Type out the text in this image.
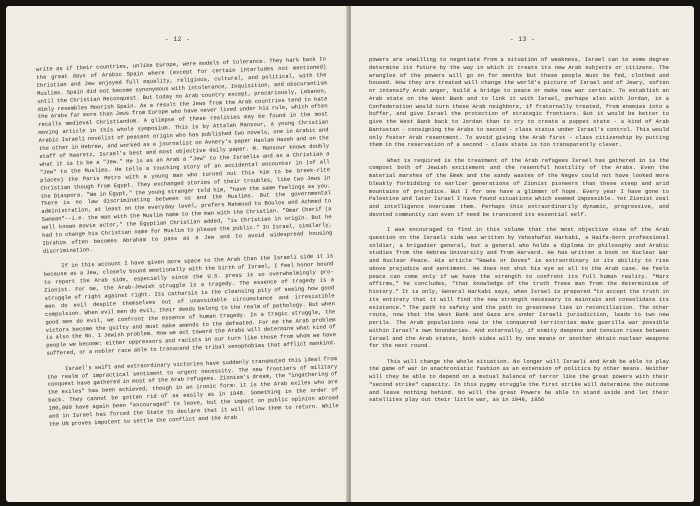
- 12 -

write as if their countries, unlike Europe, were models of tolerance. They hark back to the great days of Arabic Spain where (except for certain interludes not mentioned) Christian and Jew enjoyed full equality, religious, cultural, and political, with the Muslims. Spain did not become synonymous with intolerance, Inquisition, and obscurantism until the Christian Reconquest. But today no Arab country except, precariously, Lebanon, dimly resembles Moorish Spain. As a result the Jews from the Arab countries tend to hate the Arabs far more than Jews from Europe who have never lived under his rule, which often recalls medieval Christiandom. A glimpse of these realities may be found in the most moving article in this whole symposium. This is by Attalah Mansour, a young Christian Arabic Israeli novelist of peasant origin who has published two novels, one in Arabic and the other in Hebrew, and worked as a journalist on Avnery's paper Haolam Hazeh and on the staff of Haaretz, Israel's best and most objective daily paper. M. Mansour knows doubly what it is to be a "Jew." He is as an Arab a "Jew" to the Israelis and as a Christian a "Jew" to the Muslims. He tells a touching story of an accidental encounter in (of all places) the Paris Metro with a young man who turned out this him to be Greek-rite Christian though from Egypt. They exchanged stories of their troubles, like two Jews in the Diaspora. "We in Egypt," the young stranger told him, "have the same feelings as you. There is no law discriminating between us and the Muslims. But the governmental administration, at least on the everyday level, prefers Mahmoud to Boulos and Achmed to Samaan"--i.e. the man with the Muslim name to the man with the Christian. "Omar Cherif (a well known movie actor," the Egyptian Christian added, "is Christian in origin. But he had to change his Christian name for Muslim to please the public." In Israel, similarly, Ibrahim often becomes Abraham to pass as a Jew and to avoid widespread housing discrimination.

If in this account I have given more space to the Arab than the Israeli side it is because as a Jew, closely bound emotionally with the birth of Israel, I feel honor bound to report the Arab side, especially since the U.S. press is so overwhelmingly pro-Zionist. For me, the Arab-Jewish struggle is a tragedy. The essence of tragedy is a struggle of right against right. Its catharsis is the cleansing pity of seeing how good men do evil despite themselves out of unavoidable circumstance and irresistible compulsion. When evil men do evil, their deeds belong to the realm of pathology. But when good men do evil, we confront the essence of human tragedy. In a tragic struggle, the victors become the guilty and must make amends to the defeated. For me the Arab problem is also the No. 1 Jewish problem. How we act toward the Arabs will determine what kind of people we become: either oppressors and racists in our turn like those from whom we have suffered, or a nobler race able to transcend the tribal xenophobias that afflict mankind.

Israel's swift and extraordinary victories have suddenly transmuted this ideal from the realm of impractical sentiment to urgent necessity. The new frontiers of military conquest have gathered in most of the Arab refugees. Zionism's dream, the "ingathering of the exiles" has been achieved, though in an ironic form: it is the Arab exiles who are back. They cannot be gotten rid of as easily as in 1948. Something in the order of 100,000 have again been "encouraged" to leave, but the impact on public opinion abroad and in Israel has forced the State to declare that it will allow them to return. While the UN proves impotent to settle the conflict and the Arab

- 13 -

powers are unwilling to negotiate from a situation of weakness, Israel can to some degree determine its future by the way in which it treats its new Arab subjects or citizens. The wrangles of the powers will go on for months but these people must be fed, clothed and housed. How they are treated will change the world's picture of Israel and of Jewry, soften or intensify Arab anger, build a bridge to peace or make new war certain. To establish an Arab state on the West Bank and to link it with Israel, perhaps also with Jordan, in a Confederation would turn these Arab neighbors, if fraternally treated, from enemies into a buffer, and give Israel the protection of strategic frontiers. But it would be better to give the West Bank back to Jordan than to try to create a puppet state - a kind of Arab Bantustan - consigning the Arabs to second - class status under Israel's control. This would only foster Arab resentment. To avoid giving the Arab first - class citizenship by putting them in the reservation of a second - class state is too transparently clever.

What is required is the treatment of the Arab refugees Israel has gathered in is the compost both of Jewish excitement and the resentful hostility of the Arabs. Even the material marshes of the Emek and the sandy wastes of the Negev could not have looked more bleakly forbidding to earlier generations of Zionist pioneers than these steep and arid mountains of prejudice. But I for one have a glimmer of hope. Every year I have gone to Palestine and later Israel I have found situations which seemed impossible. Yet Zionist zeal and intelligence overcame them. Perhaps this extraordinarily dynamic, progressive, and devoted community can even if need be transcend its essential self.

I was encouraged to find in this volume that the most objective view of the Arab question on the Israeli side was written by Yehoshafat Harkabi, a Haifa-born professional soldier, a brigadier general, but a general who holds a diploma in philosophy and Arabic studies from the Hebrew University and from Harvard. He has written a book on Nuclear War and Nuclear Peace. His article "Hawks or Doves" is extraordinary in its ability to rise above prejudice and sentiment. He does not shut his eye at all to the Arab case. He feels peace can come only if we have the strength to confront its full human reality. "Marx affirms," he concludes, "that knowledge of the truth frees man from the determinism of history." It is only, General Harkabi says, when Israel is prepared "to accept the truth in its entirety that it will find the new strength necessary to maintain and consolidate its existence." The path to safety and the path to greatness lies in reconciliation. The other route, now that the West Bank and Gaza are under Israeli jurisdiction, leads to two new perils. The Arab populations now in the conquered territories make guerilla war possible within Israel's own boundaries. And externally, if enmity deepens and tension rises between Israel and the Arab states, both sides will by one means or another obtain nuclear weapons for the next round.

This will change the whole situation. No longer will Israeli and Arab be able to play the game of war in anachronistic fashion as an extension of politics by other means. Neither will they be able to depend on a mutual balance of terror like the great powers with their "second strike" capacity. In this pygmy struggle the first strike will determine the outcome and leave nothing behind. No will the great Powers be able to stand aside and let their satellites play out their little war, as in 1948, 1956
